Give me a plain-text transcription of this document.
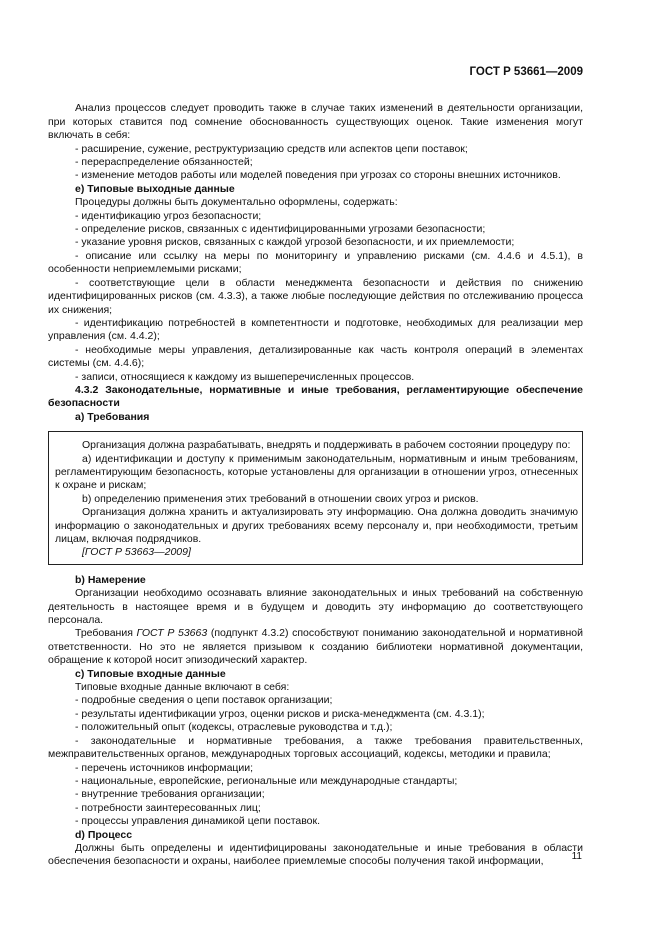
ГОСТ Р 53661—2009

Анализ процессов следует проводить также в случае таких изменений в деятельности организации, при которых ставится под сомнение обоснованность существующих оценок. Такие изменения могут включать в себя:

- расширение, сужение, реструктуризацию средств или аспектов цепи поставок;

- перераспределение обязанностей;

- изменение методов работы или моделей поведения при угрозах со стороны внешних источников.

e) Типовые выходные данные

Процедуры должны быть документально оформлены, содержать:

- идентификацию угроз безопасности;

- определение рисков, связанных с идентифицированными угрозами безопасности;

- указание уровня рисков, связанных с каждой угрозой безопасности, и их приемлемости;

- описание или ссылку на меры по мониторингу и управлению рисками (см. 4.4.6 и 4.5.1), в особенности неприемлемыми рисками;

- соответствующие цели в области менеджмента безопасности и действия по снижению идентифицированных рисков (см. 4.3.3), а также любые последующие действия по отслеживанию процесса их снижения;

- идентификацию потребностей в компетентности и подготовке, необходимых для реализации мер управления (см. 4.4.2);

- необходимые меры управления, детализированные как часть контроля операций в элементах системы (см. 4.4.6);

- записи, относящиеся к каждому из вышеперечисленных процессов.

4.3.2 Законодательные, нормативные и иные требования, регламентирующие обеспечение безопасности

a) Требования

Организация должна разрабатывать, внедрять и поддерживать в рабочем состоянии процедуру по:

a) идентификации и доступу к применимым законодательным, нормативным и иным требованиям, регламентирующим безопасность, которые установлены для организации в отношении угроз, отнесенных к охране и рискам;

b) определению применения этих требований в отношении своих угроз и рисков.

Организация должна хранить и актуализировать эту информацию. Она должна доводить значимую информацию о законодательных и других требованиях всему персоналу и, при необходимости, третьим лицам, включая подрядчиков.

[ГОСТ Р 53663—2009]

b) Намерение

Организации необходимо осознавать влияние законодательных и иных требований на собственную деятельность в настоящее время и в будущем и доводить эту информацию до соответствующего персонала.

Требования ГОСТ Р 53663 (подпункт 4.3.2) способствуют пониманию законодательной и нормативной ответственности. Но это не является призывом к созданию библиотеки нормативной документации, обращение к которой носит эпизодический характер.

c) Типовые входные данные

Типовые входные данные включают в себя:

- подробные сведения о цепи поставок организации;

- результаты идентификации угроз, оценки рисков и риска-менеджмента (см. 4.3.1);

- положительный опыт (кодексы, отраслевые руководства и т.д.);

- законодательные и нормативные требования, а также требования правительственных, межправительственных органов, международных торговых ассоциаций, кодексы, методики и правила;

- перечень источников информации;

- национальные, европейские, региональные или международные стандарты;

- внутренние требования организации;

- потребности заинтересованных лиц;

- процессы управления динамикой цепи поставок.

d) Процесс

Должны быть определены и идентифицированы законодательные и иные требования в области обеспечения безопасности и охраны, наиболее приемлемые способы получения такой информации,	11
